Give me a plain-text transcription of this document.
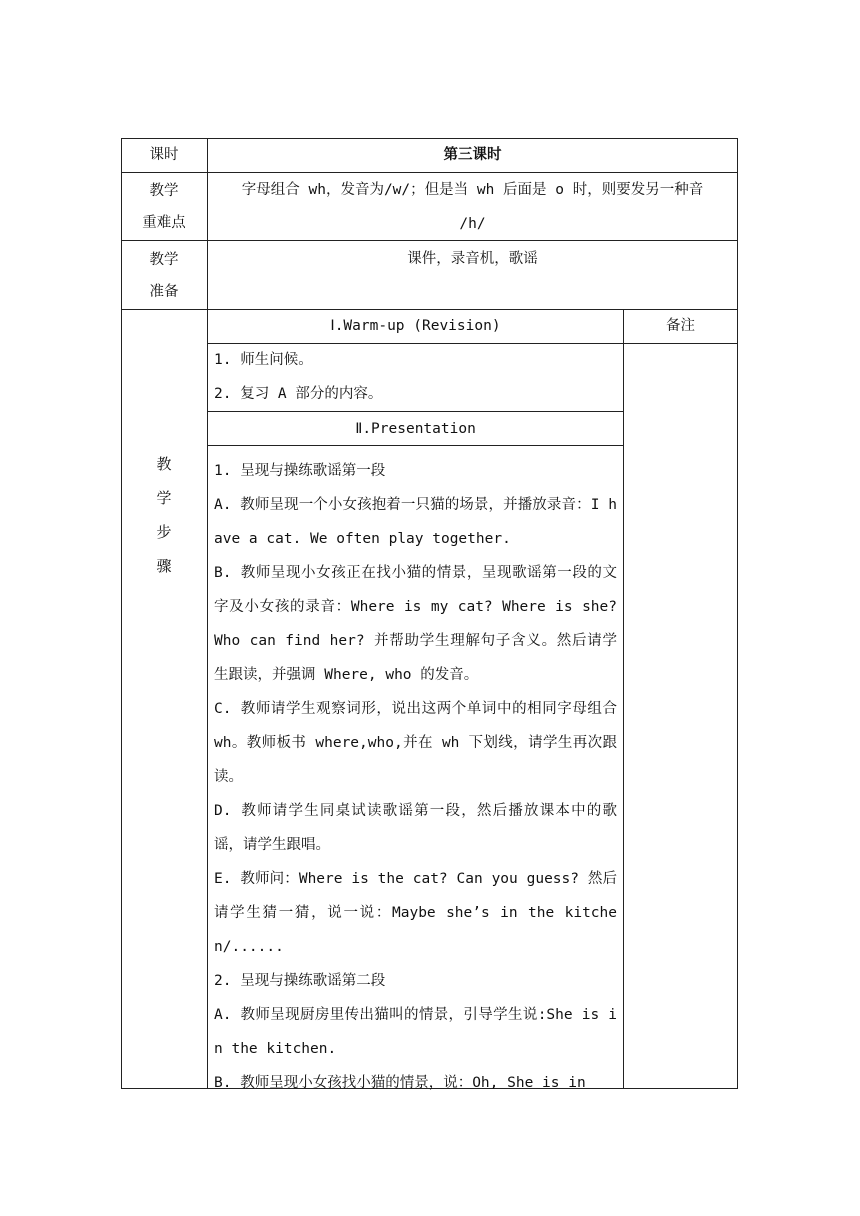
课时	第三课时
教学
重难点
字母组合 wh，发音为/w/；但是当 wh 后面是 o 时，则要发另一种音
/h/
教学
准备
课件，录音机，歌谣
教
学
步
骤
Ⅰ.Warm-up (Revision)	备注
1. 师生问候。
2. 复习 A 部分的内容。
Ⅱ.Presentation

1. 呈现与操练歌谣第一段

A. 教师呈现一个小女孩抱着一只猫的场景，并播放录音：I have a cat. We often play together.

B. 教师呈现小女孩正在找小猫的情景，呈现歌谣第一段的文字及小女孩的录音：Where is my cat? Where is she? Who can find her? 并帮助学生理解句子含义。然后请学生跟读，并强调 Where, who 的发音。

C. 教师请学生观察词形，说出这两个单词中的相同字母组合 wh。教师板书 where,who,并在 wh 下划线，请学生再次跟读。

D. 教师请学生同桌试读歌谣第一段，然后播放课本中的歌谣，请学生跟唱。

E. 教师问：Where is the cat? Can you guess? 然后请学生猜一猜，说一说：Maybe she’s in the kitchen/......

2. 呈现与操练歌谣第二段

A. 教师呈现厨房里传出猫叫的情景，引导学生说:She is in the kitchen.

B. 教师呈现小女孩找小猫的情景，说：Oh, She is in
